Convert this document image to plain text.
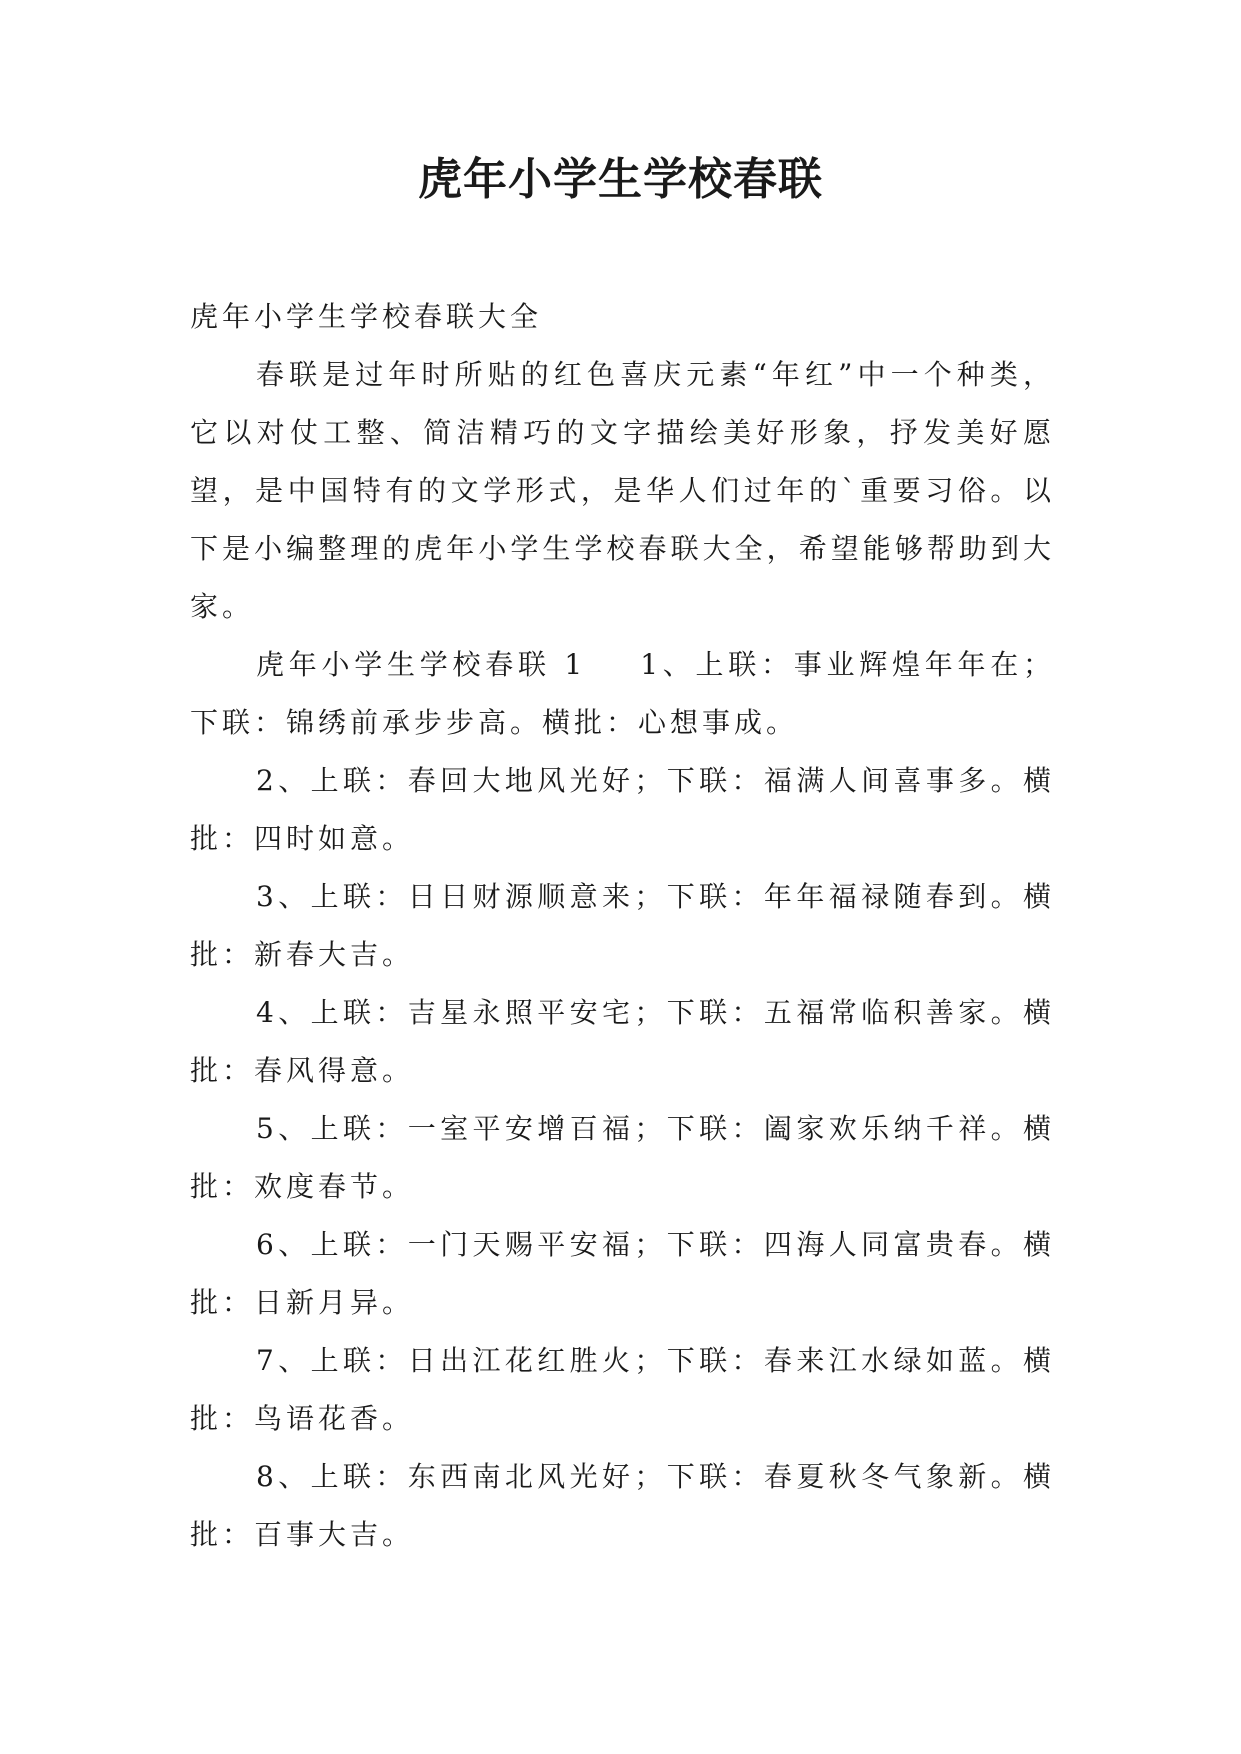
虎年小学生学校春联

虎年小学生学校春联大全

春联是过年时所贴的红色喜庆元素“年红”中一个种类，它以对仗工整、简洁精巧的文字描绘美好形象，抒发美好愿望，是中国特有的文学形式，是华人们过年的`重要习俗。以下是小编整理的虎年小学生学校春联大全，希望能够帮助到大家。

虎年小学生学校春联 1 1、上联：事业辉煌年年在；下联：锦绣前承步步高。横批：心想事成。

2、上联：春回大地风光好；下联：福满人间喜事多。横批：四时如意。

3、上联：日日财源顺意来；下联：年年福禄随春到。横批：新春大吉。

4、上联：吉星永照平安宅；下联：五福常临积善家。横批：春风得意。

5、上联：一室平安增百福；下联：阖家欢乐纳千祥。横批：欢度春节。

6、上联：一门天赐平安福；下联：四海人同富贵春。横批：日新月异。

7、上联：日出江花红胜火；下联：春来江水绿如蓝。横批：鸟语花香。

8、上联：东西南北风光好；下联：春夏秋冬气象新。横批：百事大吉。
